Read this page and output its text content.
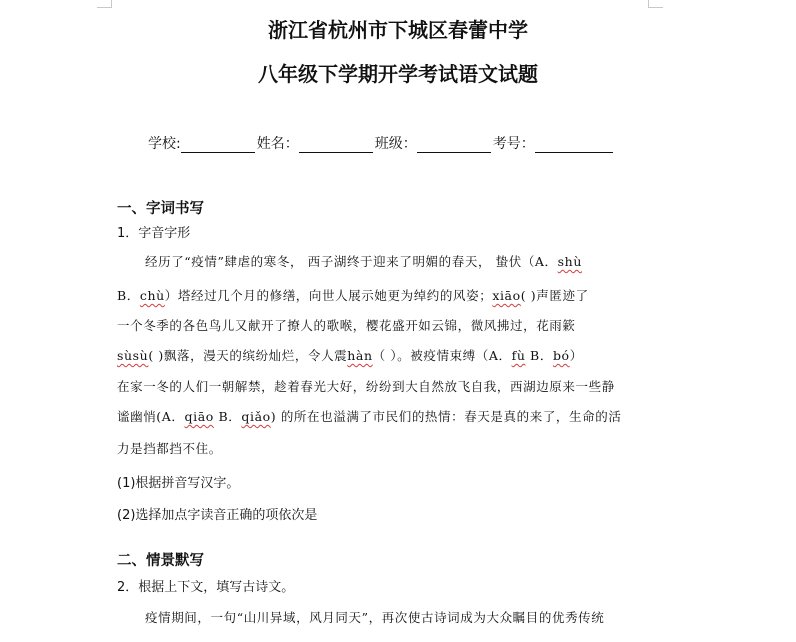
浙江省杭州市下城区春蕾中学
八年级下学期开学考试语文试题
学校:	姓名：	班级：	考号：
一、字词书写
1．字音字形
经历了“疫情”肆虐的寒冬， 西子湖终于迎来了明媚的春天， 蛰伏（A．shù
B．chù）塔经过几个月的修缮，向世人展示她更为绰约的风姿；xiāo( )声匿迹了
一个冬季的各色鸟儿又献开了撩人的歌喉，樱花盛开如云锦，微风拂过，花雨簌
sùsù( )飘落，漫天的缤纷灿烂，令人震hàn（ ）。被疫情束缚（A．fù B．bó）
在家一冬的人们一朝解禁，趁着春光大好，纷纷到大自然放飞自我，西湖边原来一些静
谧幽悄(A．qiāo B．qiǎo) 的所在也溢满了市民们的热情：春天是真的来了，生命的活
力是挡都挡不住。
(1)根据拼音写汉字。
(2)选择加点字读音正确的项依次是
二、情景默写
2．根据上下文，填写古诗文。
疫情期间，一句“山川异域，风月同天”，再次使古诗词成为大众瞩目的优秀传统
